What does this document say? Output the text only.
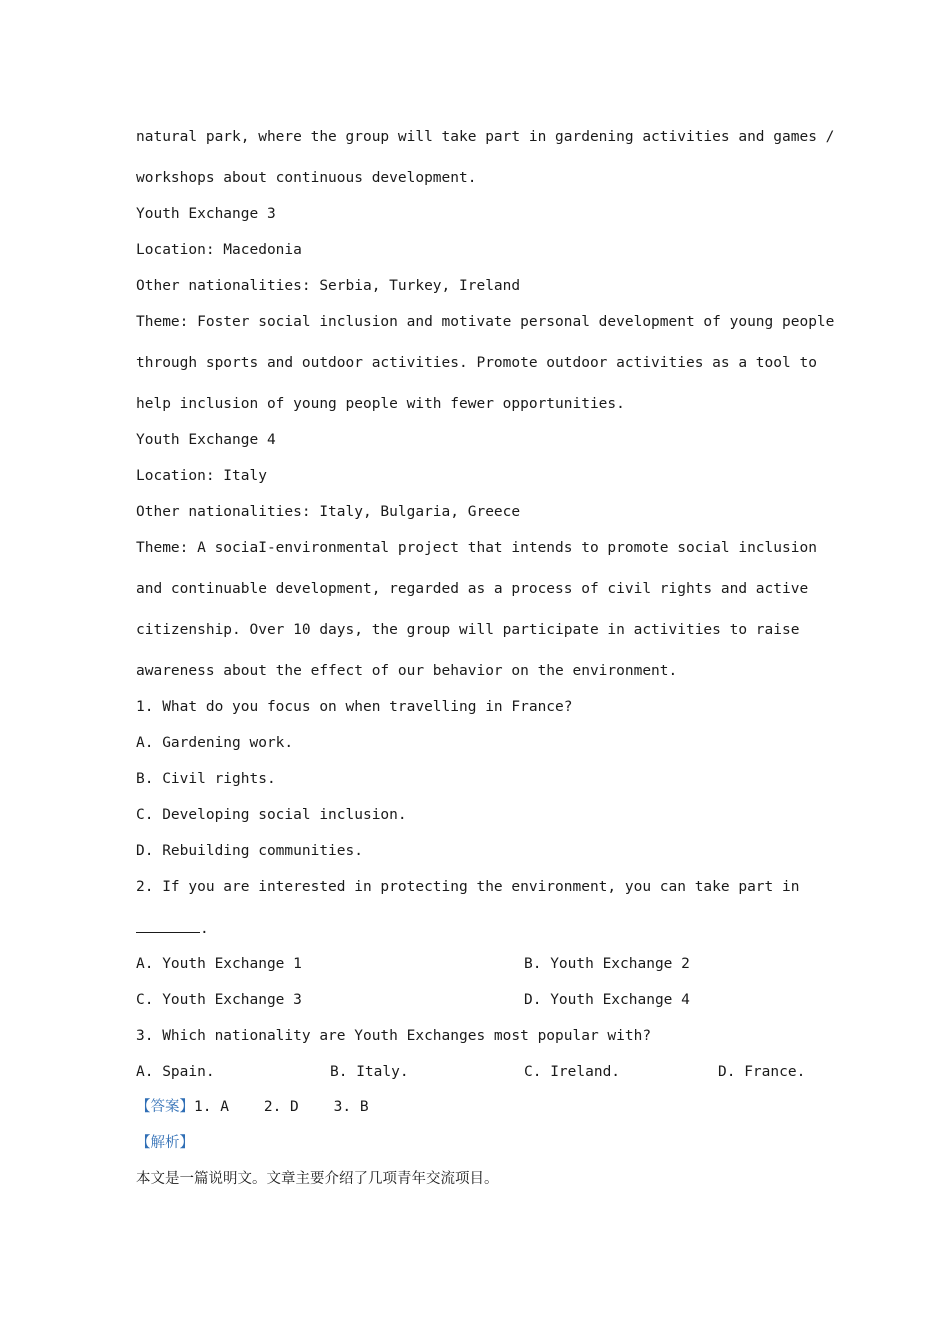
natural park, where the group will take part in gardening activities and games /
workshops about continuous development.
Youth Exchange 3
Location: Macedonia
Other nationalities: Serbia, Turkey, Ireland
Theme: Foster social inclusion and motivate personal development of young people
through sports and outdoor activities. Promote outdoor activities as a tool to
help inclusion of young people with fewer opportunities.
Youth Exchange 4
Location: Italy
Other nationalities: Italy, Bulgaria, Greece
Theme: A sociaI-environmental project that intends to promote social inclusion
and continuable development, regarded as a process of civil rights and active
citizenship. Over 10 days, the group will participate in activities to raise
awareness about the effect of our behavior on the environment.
1. What do you focus on when travelling in France?
A. Gardening work.
B. Civil rights.
C. Developing social inclusion.
D. Rebuilding communities.
2. If you are interested in protecting the environment, you can take part in
.
A. Youth Exchange 1	B. Youth Exchange 2
C. Youth Exchange 3	D. Youth Exchange 4
3. Which nationality are Youth Exchanges most popular with?
A. Spain.	B. Italy.	C. Ireland.	D. France.
【答案】1. A    2. D    3. B
【解析】
本文是一篇说明文。文章主要介绍了几项青年交流项目。
